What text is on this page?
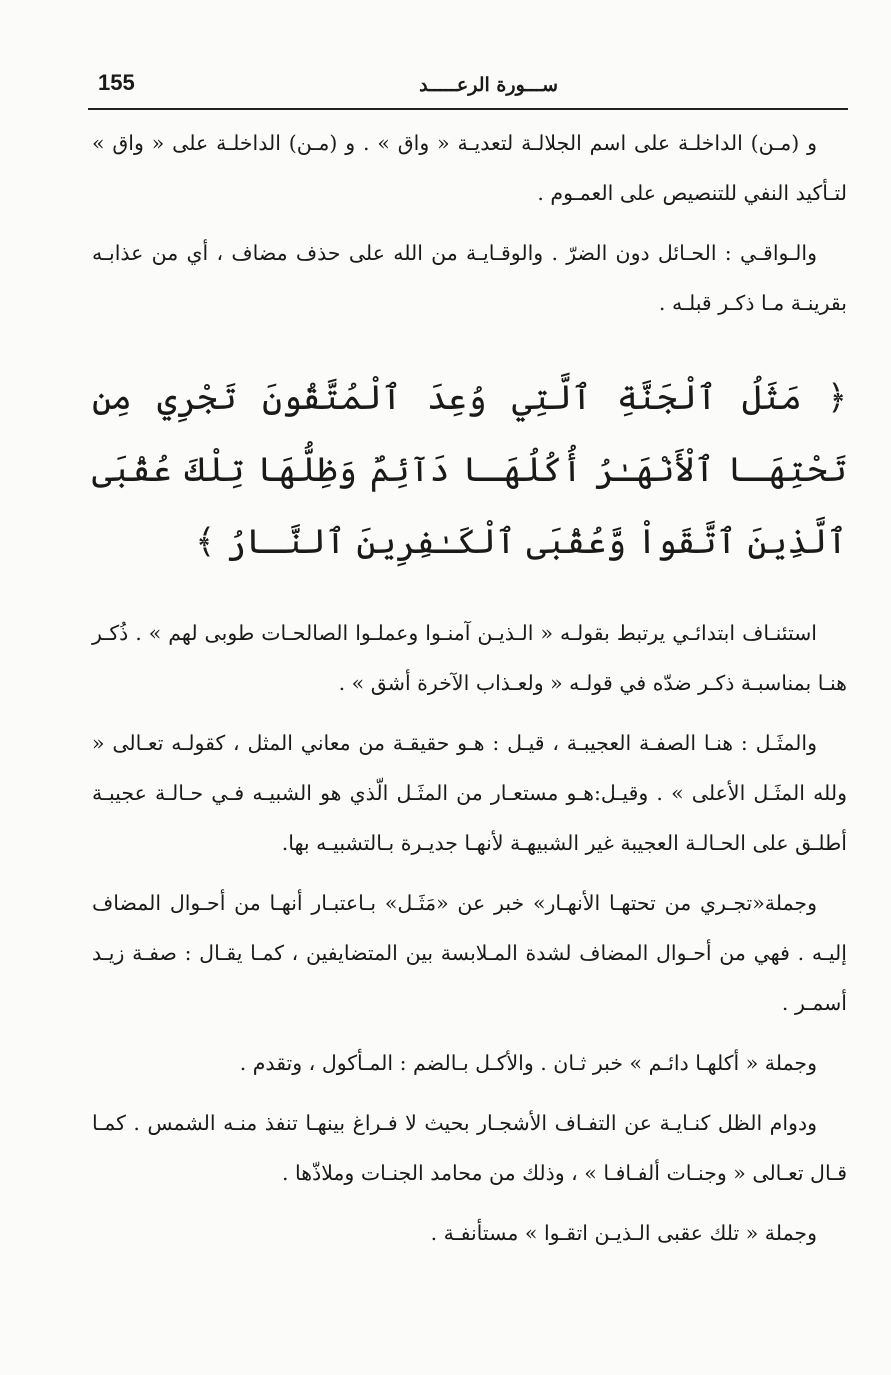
155	ســـورة الرعـــــد

و (مـن) الداخلـة على اسم الجلالـة لتعديـة « واق » . و (مـن) الداخلـة على « واق » لتـأكيد النفي للتنصيص على العمـوم .

والـواقـي : الحـائل دون الضرّ . والوقـايـة من الله على حذف مضاف ، أي من عذابـه بقرينـة مـا ذكـر قبلـه .

﴿ مَثَلُ ٱلْجَنَّةِ ٱلَّتِي وُعِدَ ٱلْمُتَّقُونَ تَجْرِي مِن تَحْتِهَـا ٱلْأَنْهَـٰرُ أُكُلُهَـا دَآئِمٌ وَظِلُّهَا تِلْكَ عُقْبَى ٱلَّذِينَ ٱتَّقَواْ وَّعُقْبَى ٱلْكَـٰفِرِينَ ٱلنَّـارُ ﴾

استئنـاف ابتدائـي يرتبط بقولـه « الـذيـن آمنـوا وعملـوا الصالحـات طوبى لهم » . ذُكـر هنـا بمناسبـة ذكـر ضدّه في قولـه « ولعـذاب الآخرة أشق » .

والمثَـل : هنـا الصفـة العجيبـة ، قيـل : هـو حقيقـة من معاني المثل ، كقولـه تعـالى « ولله المثَـل الأعلى » . وقيـل:هـو مستعـار من المثَـل الّذي هو الشبيـه فـي حـالـة عجيبـة أطلـق على الحـالـة العجيبة غير الشبيهـة لأنهـا جديـرة بـالتشبيـه بها.

وجملة«تجـري من تحتهـا الأنهـار» خبر عن «مَثَـل» بـاعتبـار أنهـا من أحـوال المضاف إليـه . فهي من أحـوال المضاف لشدة المـلابسة بين المتضايفين ، كمـا يقـال : صفـة زيـد أسمـر .

وجملة « أكلهـا دائـم » خبر ثـان . والأكـل بـالضم : المـأكول ، وتقدم .

ودوام الظل كنـايـة عن التفـاف الأشجـار بحيث لا فـراغ بينهـا تنفذ منـه الشمس . كمـا قـال تعـالى « وجنـات ألفـافـا » ، وذلك من محامد الجنـات وملاذّها .

وجملة « تلك عقبى الـذيـن اتقـوا » مستأنفـة .
